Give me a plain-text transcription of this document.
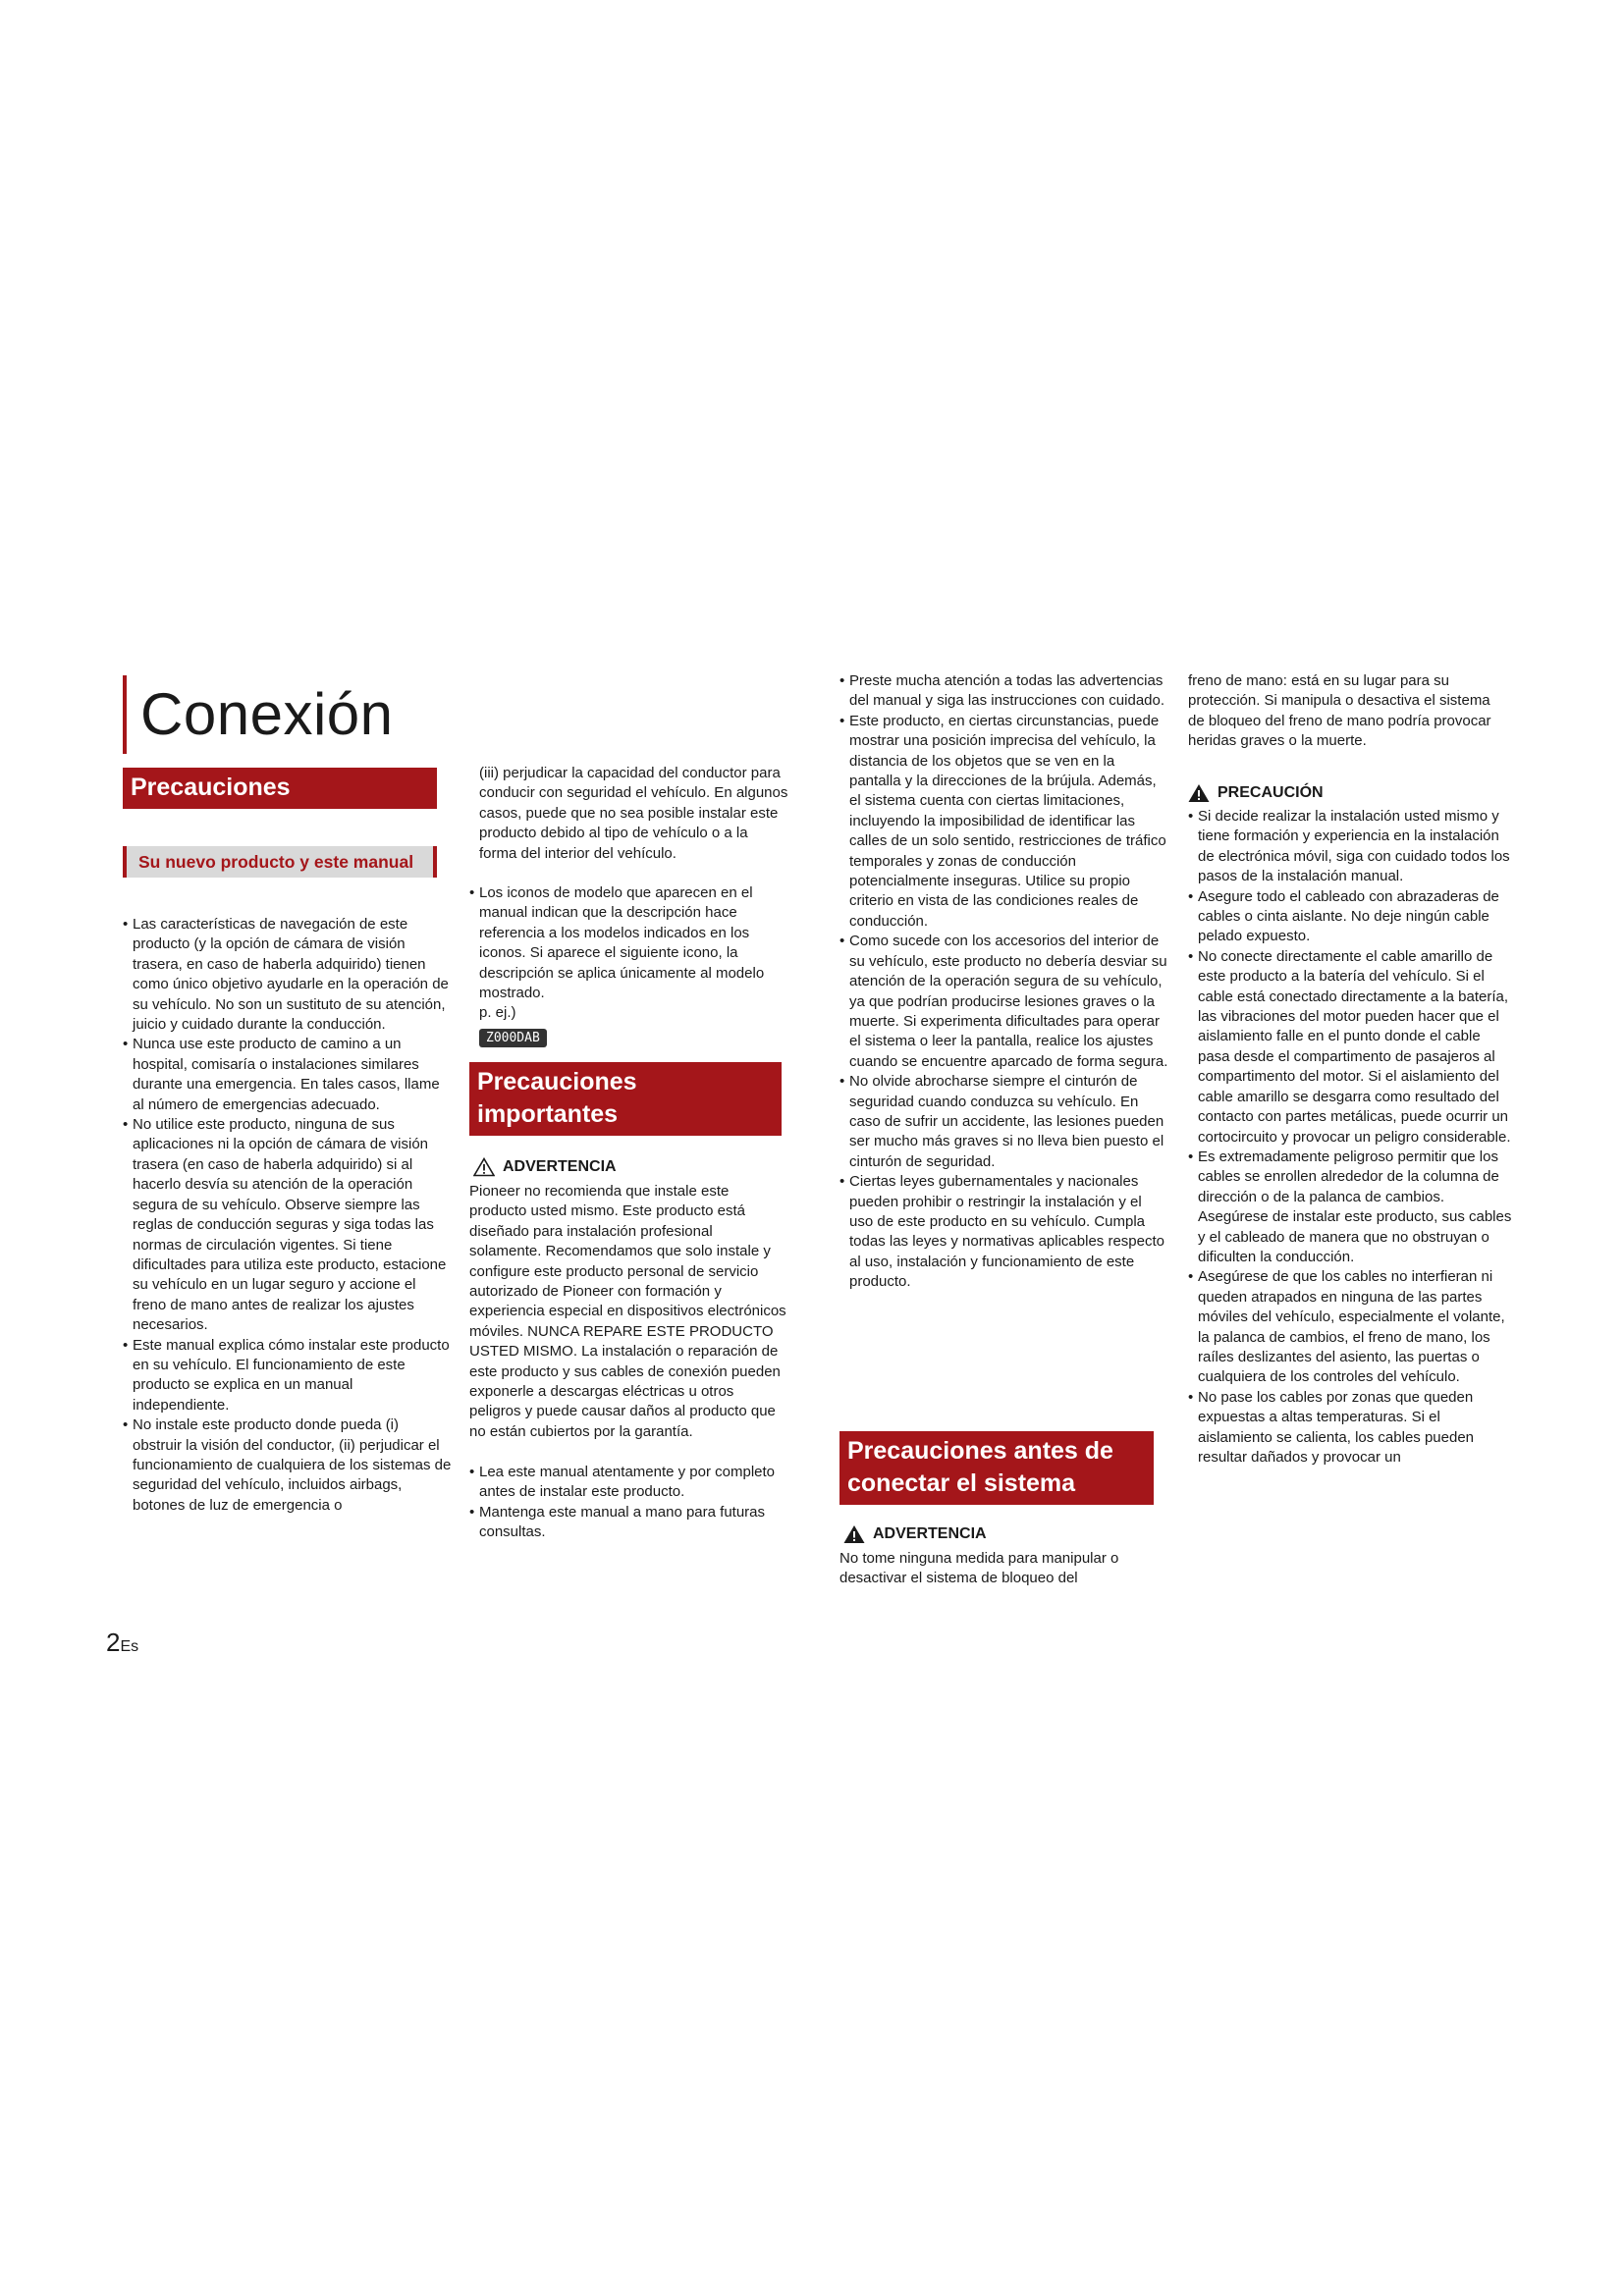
Conexión
Precauciones
Su nuevo producto y este manual
• Las características de navegación de este producto (y la opción de cámara de visión trasera, en caso de haberla adquirido) tienen como único objetivo ayudarle en la operación de su vehículo. No son un sustituto de su atención, juicio y cuidado durante la conducción.
• Nunca use este producto de camino a un hospital, comisaría o instalaciones similares durante una emergencia. En tales casos, llame al número de emergencias adecuado.
• No utilice este producto, ninguna de sus aplicaciones ni la opción de cámara de visión trasera (en caso de haberla adquirido) si al hacerlo desvía su atención de la operación segura de su vehículo. Observe siempre las reglas de conducción seguras y siga todas las normas de circulación vigentes. Si tiene dificultades para utiliza este producto, estacione su vehículo en un lugar seguro y accione el freno de mano antes de realizar los ajustes necesarios.
• Este manual explica cómo instalar este producto en su vehículo. El funcionamiento de este producto se explica en un manual independiente.
• No instale este producto donde pueda (i) obstruir la visión del conductor, (ii) perjudicar el funcionamiento de cualquiera de los sistemas de seguridad del vehículo, incluidos airbags, botones de luz de emergencia o
(iii) perjudicar la capacidad del conductor para conducir con seguridad el vehículo. En algunos casos, puede que no sea posible instalar este producto debido al tipo de vehículo o a la forma del interior del vehículo.
• Los iconos de modelo que aparecen en el manual indican que la descripción hace referencia a los modelos indicados en los iconos. Si aparece el siguiente icono, la descripción se aplica únicamente al modelo mostrado.
p. ej.)
Z000DAB
Precauciones importantes
ADVERTENCIA
Pioneer no recomienda que instale este producto usted mismo. Este producto está diseñado para instalación profesional solamente. Recomendamos que solo instale y configure este producto personal de servicio autorizado de Pioneer con formación y experiencia especial en dispositivos electrónicos móviles. NUNCA REPARE ESTE PRODUCTO USTED MISMO. La instalación o reparación de este producto y sus cables de conexión pueden exponerle a descargas eléctricas u otros peligros y puede causar daños al producto que no están cubiertos por la garantía.
• Lea este manual atentamente y por completo antes de instalar este producto.
• Mantenga este manual a mano para futuras consultas.
• Preste mucha atención a todas las advertencias del manual y siga las instrucciones con cuidado.
• Este producto, en ciertas circunstancias, puede mostrar una posición imprecisa del vehículo, la distancia de los objetos que se ven en la pantalla y la direcciones de la brújula. Además, el sistema cuenta con ciertas limitaciones, incluyendo la imposibilidad de identificar las calles de un solo sentido, restricciones de tráfico temporales y zonas de conducción potencialmente inseguras. Utilice su propio criterio en vista de las condiciones reales de conducción.
• Como sucede con los accesorios del interior de su vehículo, este producto no debería desviar su atención de la operación segura de su vehículo, ya que podrían producirse lesiones graves o la muerte. Si experimenta dificultades para operar el sistema o leer la pantalla, realice los ajustes cuando se encuentre aparcado de forma segura.
• No olvide abrocharse siempre el cinturón de seguridad cuando conduzca su vehículo. En caso de sufrir un accidente, las lesiones pueden ser mucho más graves si no lleva bien puesto el cinturón de seguridad.
• Ciertas leyes gubernamentales y nacionales pueden prohibir o restringir la instalación y el uso de este producto en su vehículo. Cumpla todas las leyes y normativas aplicables respecto al uso, instalación y funcionamiento de este producto.
Precauciones antes de conectar el sistema
ADVERTENCIA
No tome ninguna medida para manipular o desactivar el sistema de bloqueo del
freno de mano: está en su lugar para su protección. Si manipula o desactiva el sistema de bloqueo del freno de mano podría provocar heridas graves o la muerte.
PRECAUCIÓN
• Si decide realizar la instalación usted mismo y tiene formación y experiencia en la instalación de electrónica móvil, siga con cuidado todos los pasos de la instalación manual.
• Asegure todo el cableado con abrazaderas de cables o cinta aislante. No deje ningún cable pelado expuesto.
• No conecte directamente el cable amarillo de este producto a la batería del vehículo. Si el cable está conectado directamente a la batería, las vibraciones del motor pueden hacer que el aislamiento falle en el punto donde el cable pasa desde el compartimento de pasajeros al compartimento del motor. Si el aislamiento del cable amarillo se desgarra como resultado del contacto con partes metálicas, puede ocurrir un cortocircuito y provocar un peligro considerable.
• Es extremadamente peligroso permitir que los cables se enrollen alrededor de la columna de dirección o de la palanca de cambios. Asegúrese de instalar este producto, sus cables y el cableado de manera que no obstruyan o dificulten la conducción.
• Asegúrese de que los cables no interfieran ni queden atrapados en ninguna de las partes móviles del vehículo, especialmente el volante, la palanca de cambios, el freno de mano, los raíles deslizantes del asiento, las puertas o cualquiera de los controles del vehículo.
• No pase los cables por zonas que queden expuestas a altas temperaturas. Si el aislamiento se calienta, los cables pueden resultar dañados y provocar un
2Es
